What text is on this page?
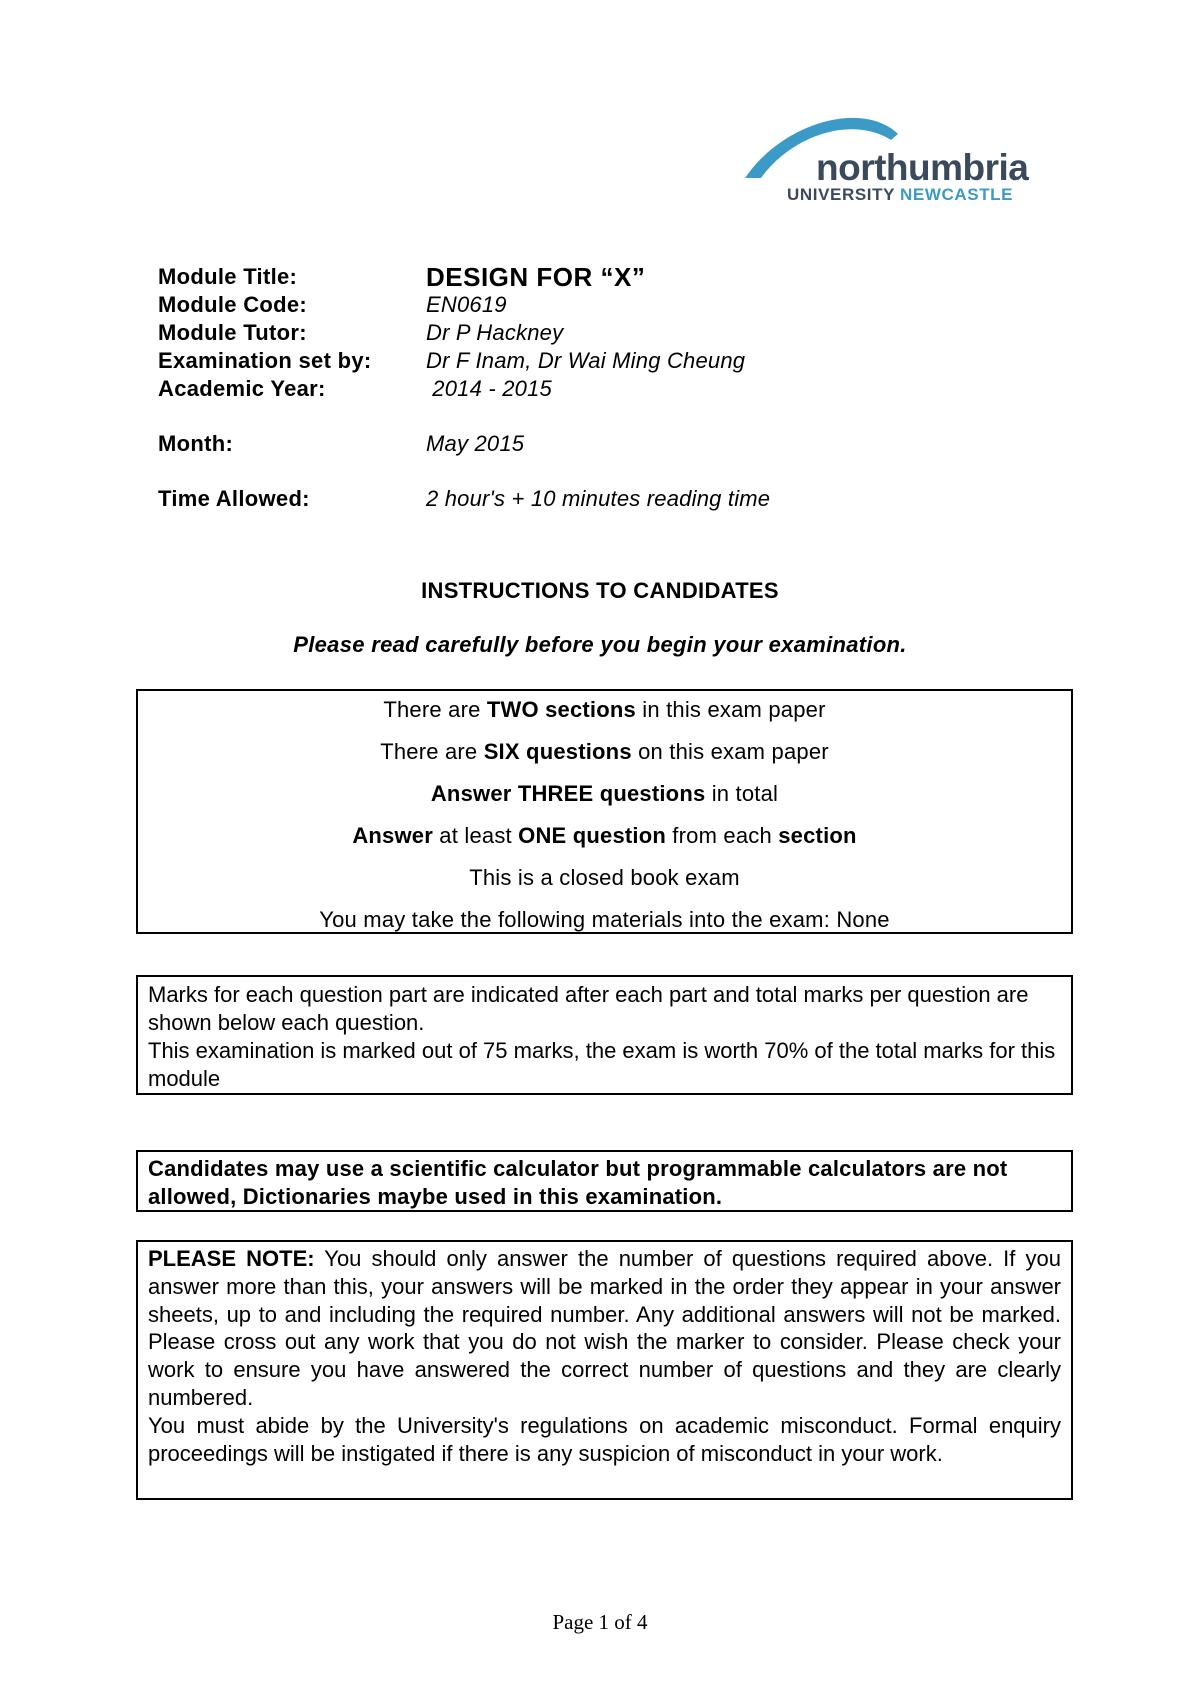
northumbria
UNIVERSITY NEWCASTLE
Module Title:	DESIGN FOR “X”
Module Code:	EN0619
Module Tutor:	Dr P Hackney
Examination set by:	Dr F Inam, Dr Wai Ming Cheung
Academic Year:	2014 - 2015
Month:	May 2015
Time Allowed:	2 hour's + 10 minutes reading time
INSTRUCTIONS TO CANDIDATES
Please read carefully before you begin your examination.
There are TWO sections in this exam paper
There are SIX questions on this exam paper
Answer THREE questions in total
Answer at least ONE question from each section
This is a closed book exam
You may take the following materials into the exam: None
Marks for each question part are indicated after each part and total marks per question are shown below each question.
This examination is marked out of 75 marks, the exam is worth 70% of the total marks for this module
Candidates may use a scientific calculator but programmable calculators are not allowed, Dictionaries maybe used in this examination.
PLEASE NOTE: You should only answer the number of questions required above. If you answer more than this, your answers will be marked in the order they appear in your answer sheets, up to and including the required number. Any additional answers will not be marked. Please cross out any work that you do not wish the marker to consider. Please check your work to ensure you have answered the correct number of questions and they are clearly numbered.
You must abide by the University's regulations on academic misconduct. Formal enquiry proceedings will be instigated if there is any suspicion of misconduct in your work.
Page 1 of 4
